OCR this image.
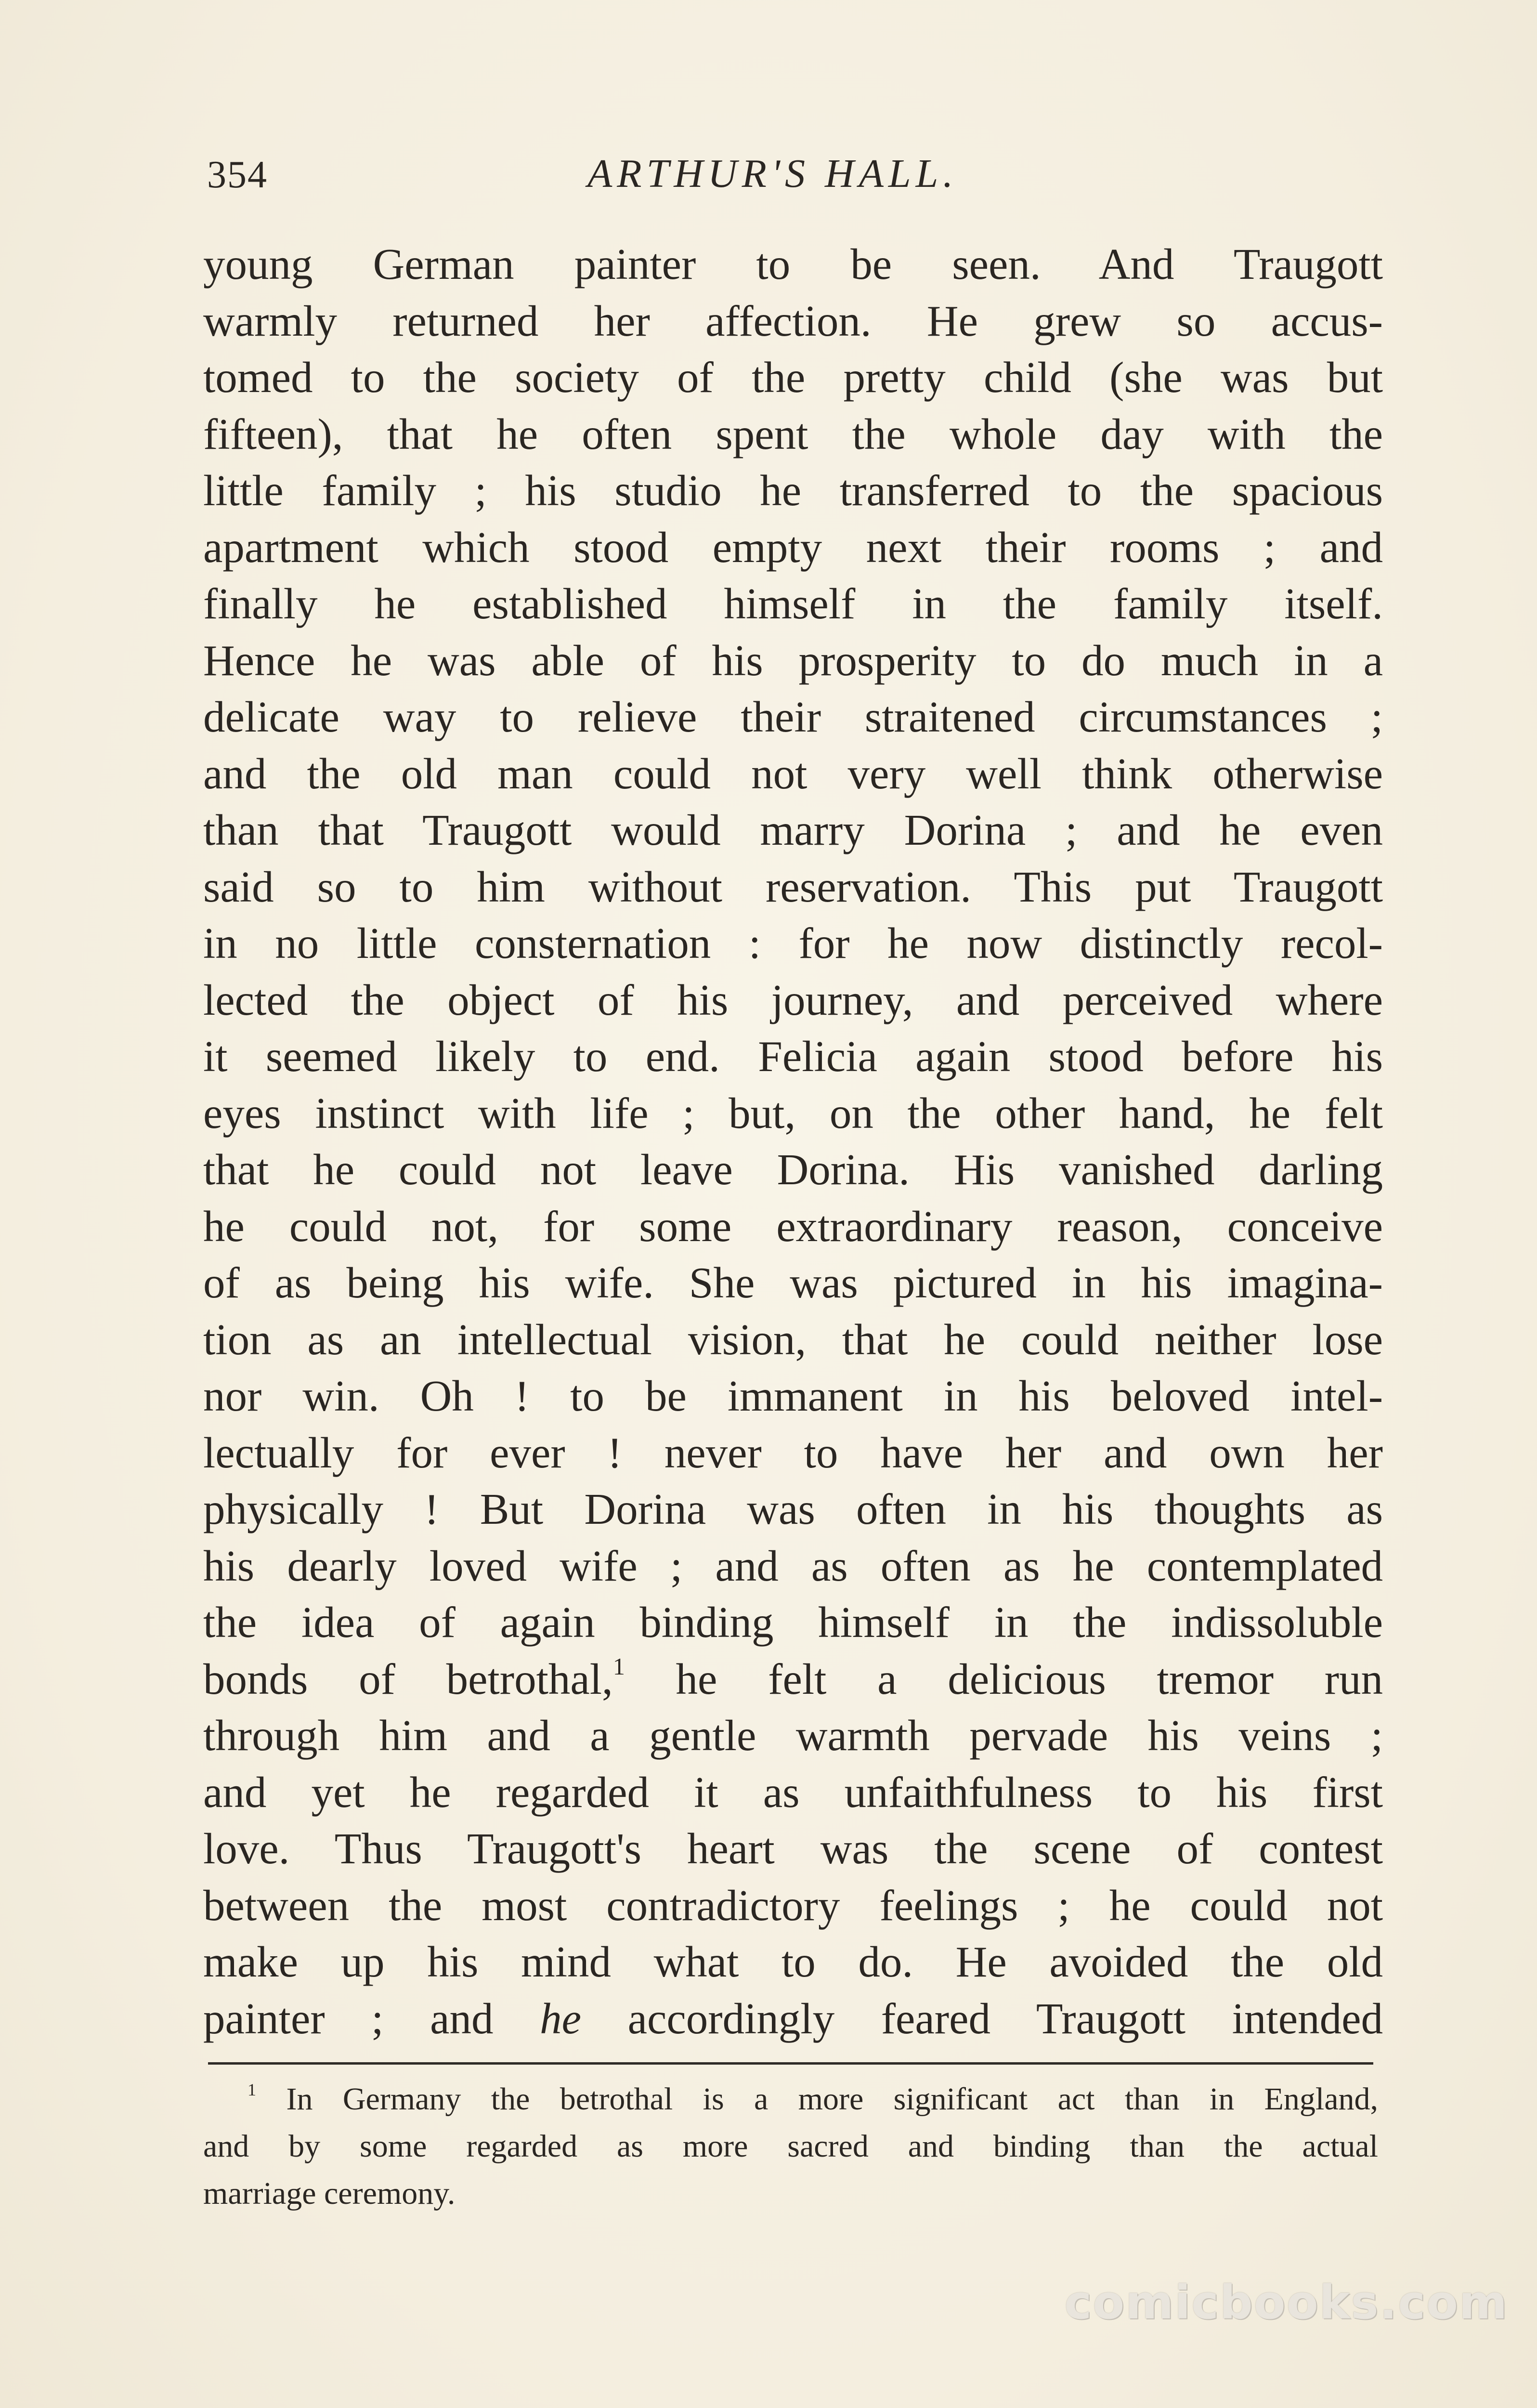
354	ARTHUR'S HALL.
young German painter to be seen. And Traugott
warmly returned her affection. He grew so accus-
tomed to the society of the pretty child (she was but
fifteen), that he often spent the whole day with the
little family ; his studio he transferred to the spacious
apartment which stood empty next their rooms ; and
finally he established himself in the family itself.
Hence he was able of his prosperity to do much in a
delicate way to relieve their straitened circumstances ;
and the old man could not very well think otherwise
than that Traugott would marry Dorina ; and he even
said so to him without reservation. This put Traugott
in no little consternation : for he now distinctly recol-
lected the object of his journey, and perceived where
it seemed likely to end. Felicia again stood before his
eyes instinct with life ; but, on the other hand, he felt
that he could not leave Dorina. His vanished darling
he could not, for some extraordinary reason, conceive
of as being his wife. She was pictured in his imagina-
tion as an intellectual vision, that he could neither lose
nor win. Oh ! to be immanent in his beloved intel-
lectually for ever ! never to have her and own her
physically ! But Dorina was often in his thoughts as
his dearly loved wife ; and as often as he contemplated
the idea of again binding himself in the indissoluble
bonds of betrothal,$^1$ he felt a delicious tremor run
through him and a gentle warmth pervade his veins ;
and yet he regarded it as unfaithfulness to his first
love. Thus Traugott's heart was the scene of contest
between the most contradictory feelings ; he could not
make up his mind what to do. He avoided the old
painter ; and he accordingly feared Traugott intended
$^1$ In Germany the betrothal is a more significant act than in England,
and by some regarded as more sacred and binding than the actual
marriage ceremony.
comicbooks.com
